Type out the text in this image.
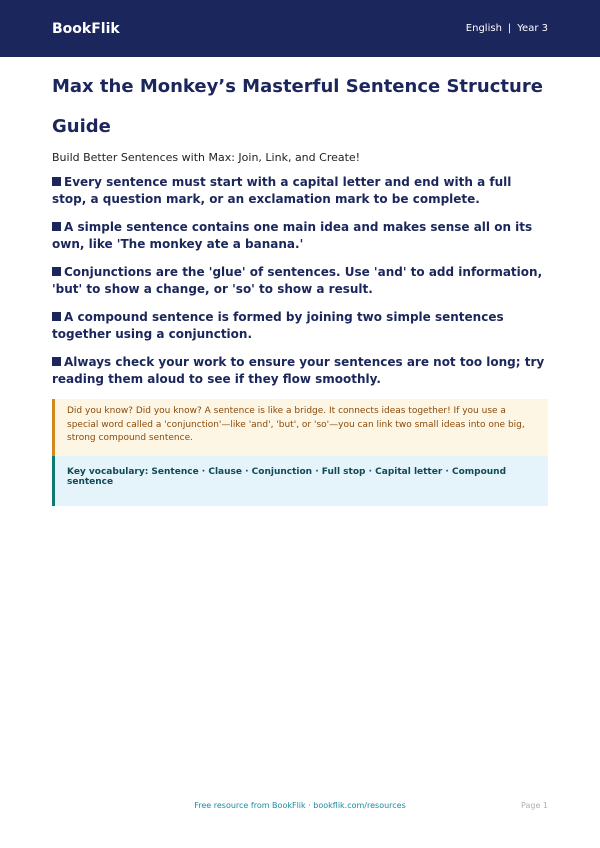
BookFlik	English | Year 3
Max the Monkey’s Masterful Sentence Structure Guide
Build Better Sentences with Max: Join, Link, and Create!
Every sentence must start with a capital letter and end with a full stop, a question mark, or an exclamation mark to be complete.
A simple sentence contains one main idea and makes sense all on its own, like 'The monkey ate a banana.'
Conjunctions are the 'glue' of sentences. Use 'and' to add information, 'but' to show a change, or 'so' to show a result.
A compound sentence is formed by joining two simple sentences together using a conjunction.
Always check your work to ensure your sentences are not too long; try reading them aloud to see if they flow smoothly.
Did you know? Did you know? A sentence is like a bridge. It connects ideas together! If you use a special word called a 'conjunction'—like 'and', 'but', or 'so'—you can link two small ideas into one big, strong compound sentence.
Key vocabulary: Sentence · Clause · Conjunction · Full stop · Capital letter · Compound sentence
Free resource from BookFlik · bookflik.com/resources	Page 1
